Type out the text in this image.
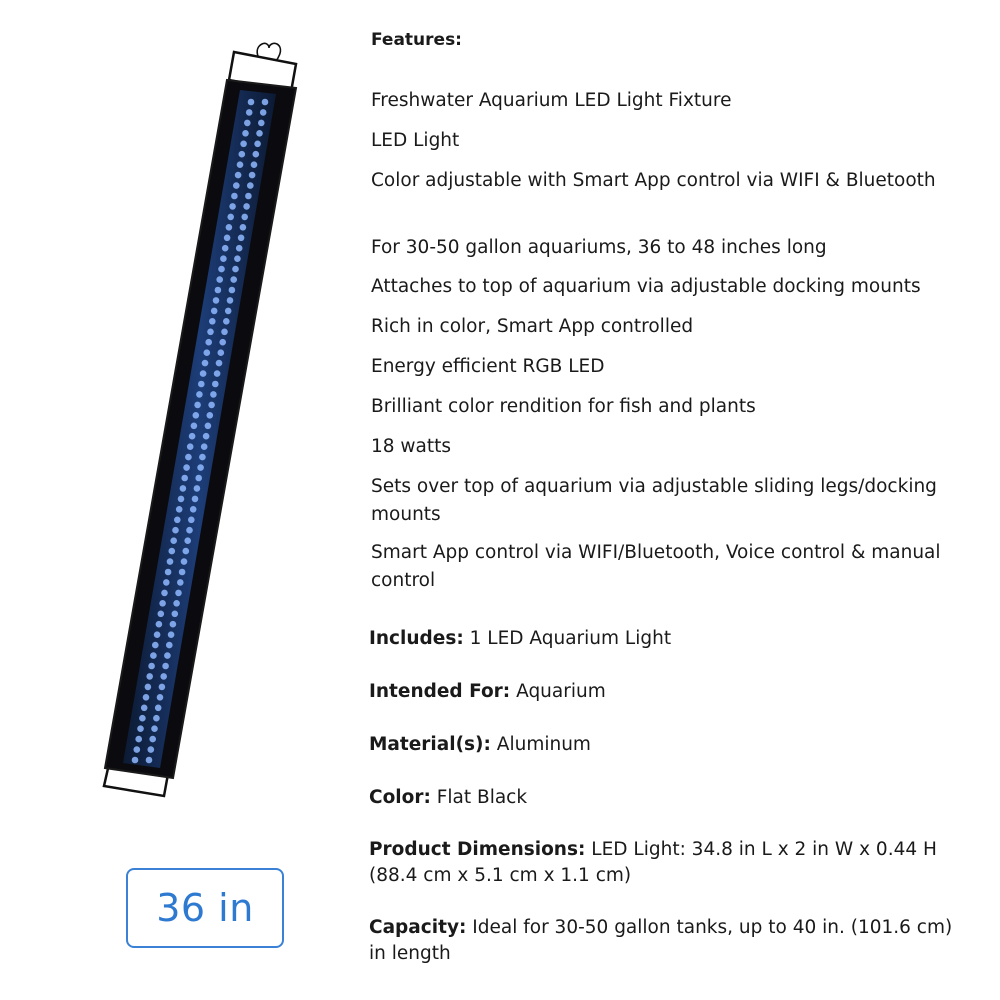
36 in
Features:
Freshwater Aquarium LED Light Fixture
LED Light
Color adjustable with Smart App control via WIFI & Bluetooth
For 30-50 gallon aquariums, 36 to 48 inches long
Attaches to top of aquarium via adjustable docking mounts
Rich in color, Smart App controlled
Energy efficient RGB LED
Brilliant color rendition for fish and plants
18 watts
Sets over top of aquarium via adjustable sliding legs/docking mounts
Smart App control via WIFI/Bluetooth, Voice control & manual control
Includes: 1 LED Aquarium Light
Intended For: Aquarium
Material(s): Aluminum
Color: Flat Black
Product Dimensions: LED Light: 34.8 in L x 2 in W x 0.44 H (88.4 cm x 5.1 cm x 1.1 cm)
Capacity: Ideal for 30-50 gallon tanks, up to 40 in. (101.6 cm) in length
